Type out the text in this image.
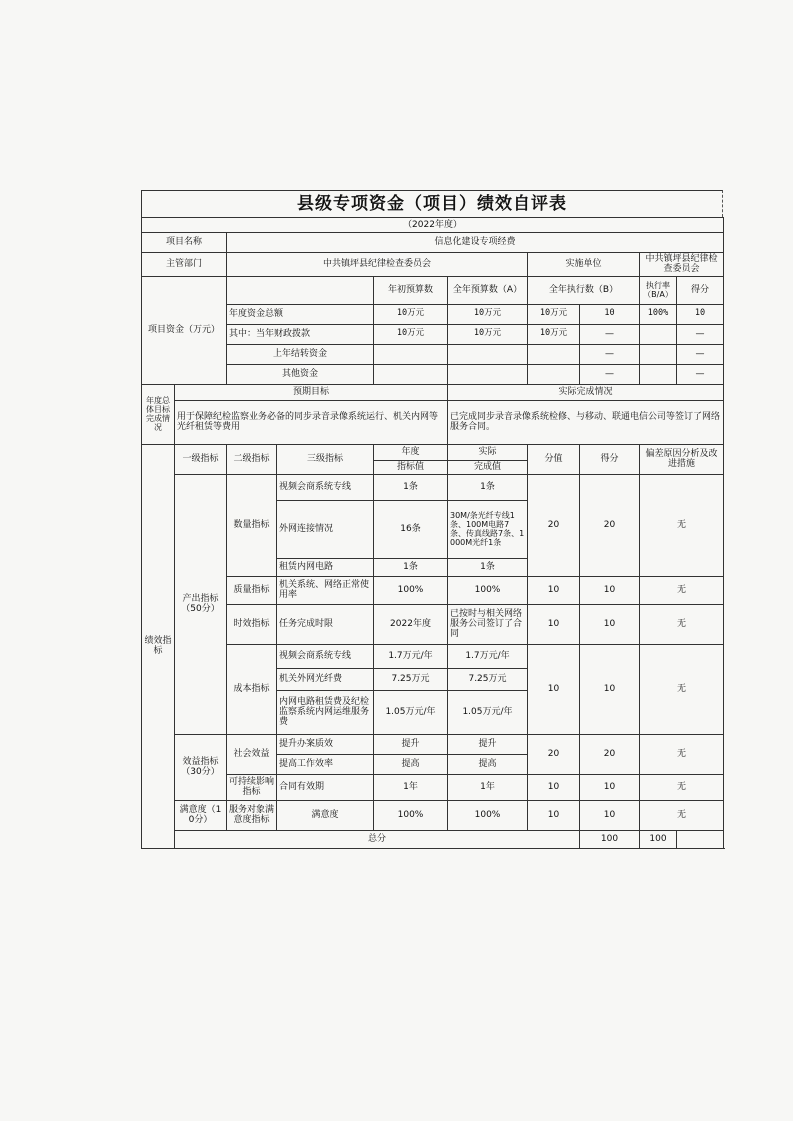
县级专项资金（项目）绩效自评表
（2022年度）									
项目名称		信息化建设专项经费							
主管部门		中共镇坪县纪律检查委员会				实施单位		中共镇坪县纪律检查委员会	
项目资金（万元）				年初预算数	全年预算数（A）	全年执行数（B）		执行率（B/A）	得分
		年度资金总额		10万元	10万元	10万元	10	100%	10
		其中：当年财政拨款		10万元	10万元	10万元	—		—
		上年结转资金					—		—
		其他资金					—		—
年度总体目标完成情况	预期目标				实际完成情况				
	用于保障纪检监察业务必备的同步录音录像系统运行、机关内网等光纤租赁等费用				已完成同步录音录像系统检修、与移动、联通电信公司等签订了网络服务合同。				
绩效指标	一级指标	二级指标	三级指标	年度	实际	分值	得分	偏差原因分析及改进措施	
				指标值	完成值				
	产出指标（50分）	数量指标	视频会商系统专线	1条	1条	20	20	无	
			外网连接情况	16条	30M/条光纤专线1条、100M电路7条、传真线路7条、1000M光纤1条				
			租赁内网电路	1条	1条				
		质量指标	机关系统、网络正常使用率	100%	100%	10	10	无	
		时效指标	任务完成时限	2022年度	已按时与相关网络服务公司签订了合同	10	10	无	
		成本指标	视频会商系统专线	1.7万元/年	1.7万元/年	10	10	无	
			机关外网光纤费	7.25万元	7.25万元				
			内网电路租赁费及纪检监察系统内网运维服务费	1.05万元/年	1.05万元/年				
	效益指标（30分）	社会效益	提升办案质效	提升	提升	20	20	无	
			提高工作效率	提高	提高				
		可持续影响指标	合同有效期	1年	1年	10	10	无	
	满意度（10分）	服务对象满意度指标	满意度	100%	100%	10	10	无	
	总分						100	100	
